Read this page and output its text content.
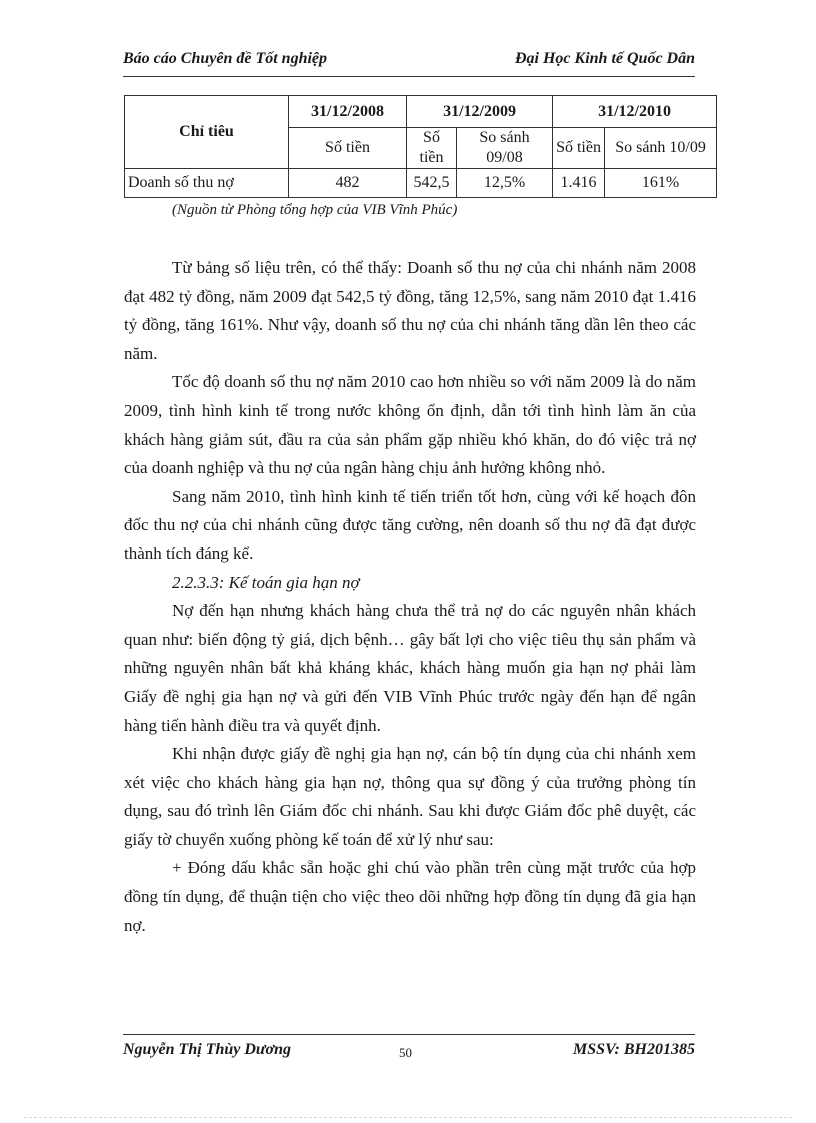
Báo cáo Chuyên đề Tốt nghiệp	Đại Học Kinh tế Quốc Dân
Chỉ tiêu	31/12/2008	31/12/2009		31/12/2010	
	Số tiền	Số tiền	So sánh 09/08	Số tiền	So sánh 10/09
Doanh số thu nợ	482	542,5	12,5%	1.416	161%
(Nguồn từ Phòng tổng hợp của VIB Vĩnh Phúc)

Từ bảng số liệu trên, có thể thấy: Doanh số thu nợ của chi nhánh năm 2008 đạt 482 tỷ đồng, năm 2009 đạt 542,5 tỷ đồng, tăng 12,5%, sang năm 2010 đạt 1.416 tỷ đồng, tăng 161%. Như vậy, doanh số thu nợ của chi nhánh tăng dần lên theo các năm.

Tốc độ doanh số thu nợ năm 2010 cao hơn nhiều so với năm 2009 là do năm 2009, tình hình kinh tế trong nước không ổn định, dẫn tới tình hình làm ăn của khách hàng giảm sút, đầu ra của sản phẩm gặp nhiều khó khăn, do đó việc trả nợ của doanh nghiệp và thu nợ của ngân hàng chịu ảnh hưởng không nhỏ.

Sang năm 2010, tình hình kinh tế tiến triển tốt hơn, cùng với kế hoạch đôn đốc thu nợ của chi nhánh cũng được tăng cường, nên doanh số thu nợ đã đạt được thành tích đáng kể.

2.2.3.3: Kế toán gia hạn nợ

Nợ đến hạn nhưng khách hàng chưa thể trả nợ do các nguyên nhân khách quan như: biến động tỷ giá, dịch bệnh… gây bất lợi cho việc tiêu thụ sản phẩm và những nguyên nhân bất khả kháng khác, khách hàng muốn gia hạn nợ phải làm Giấy đề nghị gia hạn nợ và gửi đến VIB Vĩnh Phúc trước ngày đến hạn để ngân hàng tiến hành điều tra và quyết định.

Khi nhận được giấy đề nghị gia hạn nợ, cán bộ tín dụng của chi nhánh xem xét việc cho khách hàng gia hạn nợ, thông qua sự đồng ý của trưởng phòng tín dụng, sau đó trình lên Giám đốc chi nhánh. Sau khi được Giám đốc phê duyệt, các giấy tờ chuyển xuống phòng kế toán để xử lý như sau:

+ Đóng dấu khắc sẵn hoặc ghi chú vào phần trên cùng mặt trước của hợp đồng tín dụng, để thuận tiện cho việc theo dõi những hợp đồng tín dụng đã gia hạn nợ.

Nguyễn Thị Thùy Dương	50	MSSV: BH201385
